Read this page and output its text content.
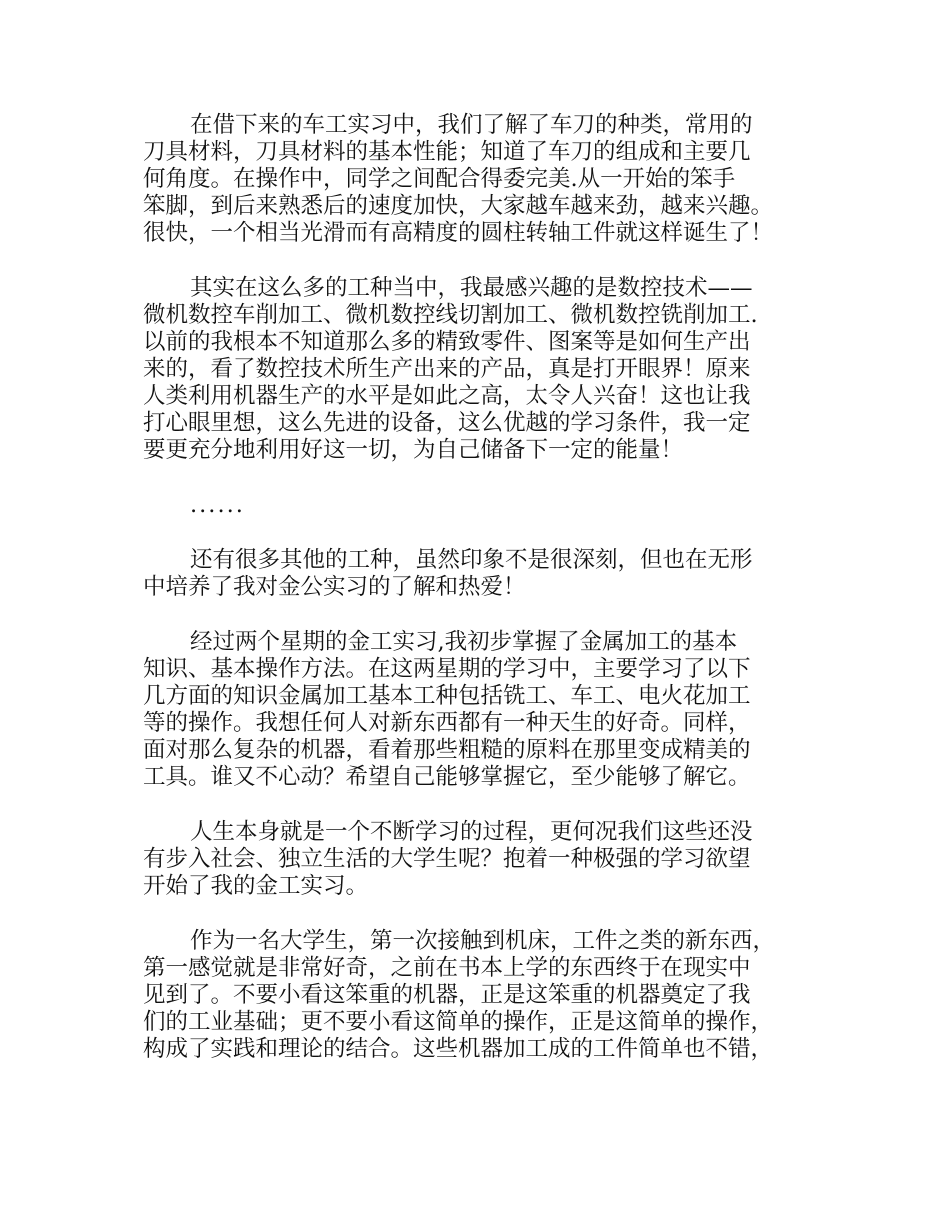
在借下来的车工实习中，我们了解了车刀的种类，常用的
刀具材料，刀具材料的基本性能；知道了车刀的组成和主要几
何角度。在操作中，同学之间配合得委完美.从一开始的笨手
笨脚，到后来熟悉后的速度加快，大家越车越来劲，越来兴趣。
很快，一个相当光滑而有高精度的圆柱转轴工件就这样诞生了！

其实在这么多的工种当中，我最感兴趣的是数控技术——
微机数控车削加工、微机数控线切割加工、微机数控铣削加工.
以前的我根本不知道那么多的精致零件、图案等是如何生产出
来的，看了数控技术所生产出来的产品，真是打开眼界！原来
人类利用机器生产的水平是如此之高，太令人兴奋！这也让我
打心眼里想，这么先进的设备，这么优越的学习条件，我一定
要更充分地利用好这一切，为自己储备下一定的能量！

......

还有很多其他的工种，虽然印象不是很深刻，但也在无形
中培养了我对金公实习的了解和热爱！

经过两个星期的金工实习,我初步掌握了金属加工的基本
知识、基本操作方法。在这两星期的学习中，主要学习了以下
几方面的知识金属加工基本工种包括铣工、车工、电火花加工
等的操作。我想任何人对新东西都有一种天生的好奇。同样，
面对那么复杂的机器，看着那些粗糙的原料在那里变成精美的
工具。谁又不心动？希望自己能够掌握它，至少能够了解它。

人生本身就是一个不断学习的过程，更何况我们这些还没
有步入社会、独立生活的大学生呢？抱着一种极强的学习欲望
开始了我的金工实习。

作为一名大学生，第一次接触到机床，工件之类的新东西，
第一感觉就是非常好奇，之前在书本上学的东西终于在现实中
见到了。不要小看这笨重的机器，正是这笨重的机器奠定了我
们的工业基础；更不要小看这简单的操作，正是这简单的操作，
构成了实践和理论的结合。这些机器加工成的工件简单也不错，
